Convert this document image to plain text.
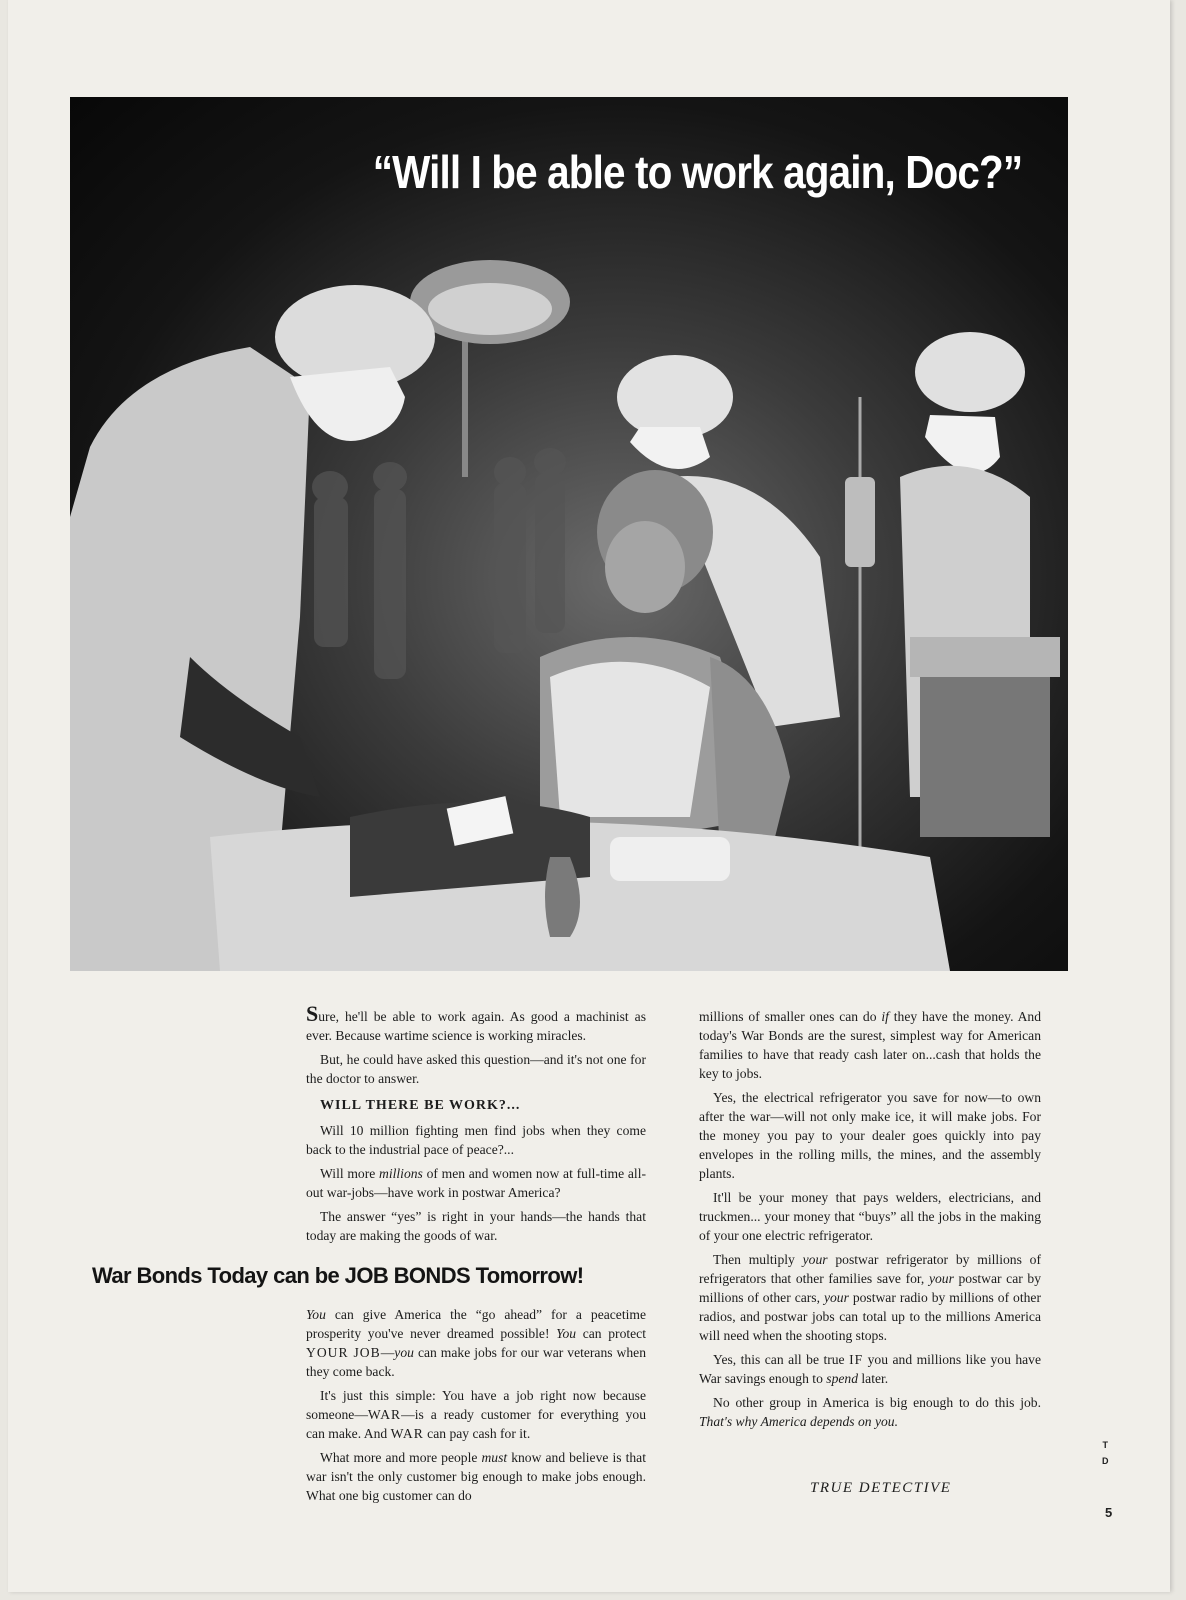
“Will I be able to work again, Doc?”

Sure, he'll be able to work again. As good a machinist as ever. Because wartime science is working miracles.

But, he could have asked this question—and it's not one for the doctor to answer.

WILL THERE BE WORK?...

Will 10 million fighting men find jobs when they come back to the industrial pace of peace?...

Will more millions of men and women now at full-time all-out war-jobs—have work in postwar America?

The answer “yes” is right in your hands—the hands that today are making the goods of war.

War Bonds Today can be JOB BONDS Tomorrow!

You can give America the “go ahead” for a peacetime prosperity you've never dreamed possible! You can protect YOUR JOB—you can make jobs for our war veterans when they come back.

It's just this simple: You have a job right now because someone—WAR—is a ready customer for everything you can make. And WAR can pay cash for it.

What more and more people must know and believe is that war isn't the only customer big enough to make jobs enough. What one big customer can do

millions of smaller ones can do if they have the money. And today's War Bonds are the surest, simplest way for American families to have that ready cash later on...cash that holds the key to jobs.

Yes, the electrical refrigerator you save for now—to own after the war—will not only make ice, it will make jobs. For the money you pay to your dealer goes quickly into pay envelopes in the rolling mills, the mines, and the assembly plants.

It'll be your money that pays welders, electricians, and truckmen... your money that “buys” all the jobs in the making of your one electric refrigerator.

Then multiply your postwar refrigerator by millions of refrigerators that other families save for, your postwar car by millions of other cars, your postwar radio by millions of other radios, and postwar jobs can total up to the millions America will need when the shooting stops.

Yes, this can all be true IF you and millions like you have War savings enough to spend later.

No other group in America is big enough to do this job. That's why America depends on you.

TRUE DETECTIVE
T
D
5
